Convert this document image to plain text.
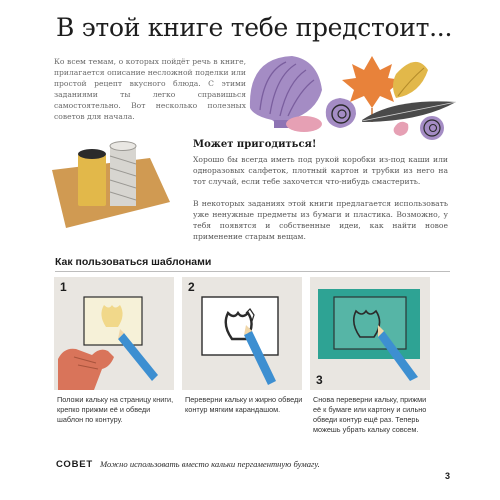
В этой книге тебе предстоит...
Ко всем темам, о которых пойдёт речь в книге, прилагается описание несложной поделки или простой рецепт вкусного блюда. С этими заданиями ты легко справишься самостоятельно. Вот несколько полезных советов для начала.
Может пригодиться!
Хорошо бы всегда иметь под рукой коробки из-под каши или одноразовых салфеток, плотный картон и трубки из него на тот случай, если тебе захочется что-нибудь смастерить.
В некоторых заданиях этой книги предлагается использовать уже ненужные предметы из бумаги и пластика. Возможно, у тебя появятся и собственные идеи, как найти новое применение старым вещам.
Как пользоваться шаблонами
1	2
3
Положи кальку на страницу книги, крепко прижми её и обведи шаблон по контуру.
Переверни кальку и жирно обведи контур мягким карандашом.
Снова переверни кальку, прижми её к бумаге или картону и сильно обведи контур ещё раз. Теперь можешь убрать кальку совсем.
СОВЕТ Можно использовать вместо кальки пергаментную бумагу.
3
